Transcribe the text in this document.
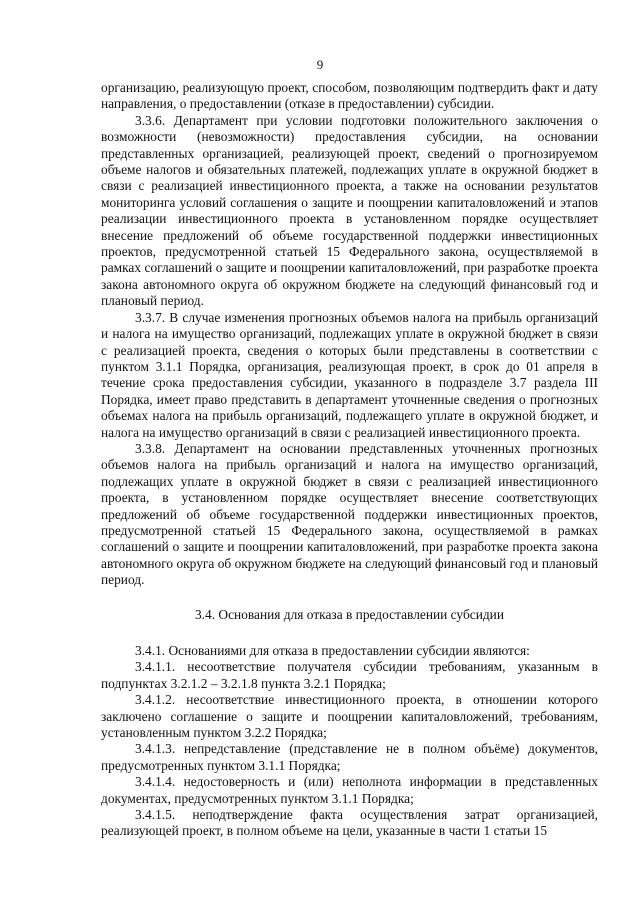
9

организацию, реализующую проект, способом, позволяющим подтвердить факт и дату направления, о предоставлении (отказе в предоставлении) субсидии.

3.3.6. Департамент при условии подготовки положительного заключения о возможности (невозможности) предоставления субсидии, на основании представленных организацией, реализующей проект, сведений о прогнозируемом объеме налогов и обязательных платежей, подлежащих уплате в окружной бюджет в связи с реализацией инвестиционного проекта, а также на основании результатов мониторинга условий соглашения о защите и поощрении капиталовложений и этапов реализации инвестиционного проекта в установленном порядке осуществляет внесение предложений об объеме государственной поддержки инвестиционных проектов, предусмотренной статьей 15 Федерального закона, осуществляемой в рамках соглашений о защите и поощрении капиталовложений, при разработке проекта закона автономного округа об окружном бюджете на следующий финансовый год и плановый период.

3.3.7. В случае изменения прогнозных объемов налога на прибыль организаций и налога на имущество организаций, подлежащих уплате в окружной бюджет в связи с реализацией проекта, сведения о которых были представлены в соответствии с пунктом 3.1.1 Порядка, организация, реализующая проект, в срок до 01 апреля в течение срока предоставления субсидии, указанного в подразделе 3.7 раздела III Порядка, имеет право представить в департамент уточненные сведения о прогнозных объемах налога на прибыль организаций, подлежащего уплате в окружной бюджет, и налога на имущество организаций в связи с реализацией инвестиционного проекта.

3.3.8. Департамент на основании представленных уточненных прогнозных объемов налога на прибыль организаций и налога на имущество организаций, подлежащих уплате в окружной бюджет в связи с реализацией инвестиционного проекта, в установленном порядке осуществляет внесение соответствующих предложений об объеме государственной поддержки инвестиционных проектов, предусмотренной статьей 15 Федерального закона, осуществляемой в рамках соглашений о защите и поощрении капиталовложений, при разработке проекта закона автономного округа об окружном бюджете на следующий финансовый год и плановый период.

3.4. Основания для отказа в предоставлении субсидии

3.4.1. Основаниями для отказа в предоставлении субсидии являются:

3.4.1.1. несоответствие получателя субсидии требованиям, указанным в подпунктах 3.2.1.2 – 3.2.1.8 пункта 3.2.1 Порядка;

3.4.1.2. несоответствие инвестиционного проекта, в отношении которого заключено соглашение о защите и поощрении капиталовложений, требованиям, установленным пунктом 3.2.2 Порядка;

3.4.1.3. непредставление (представление не в полном объёме) документов, предусмотренных пунктом 3.1.1 Порядка;

3.4.1.4. недостоверность и (или) неполнота информации в представленных документах, предусмотренных пунктом 3.1.1 Порядка;

3.4.1.5. неподтверждение факта осуществления затрат организацией, реализующей проект, в полном объеме на цели, указанные в части 1 статьи 15
